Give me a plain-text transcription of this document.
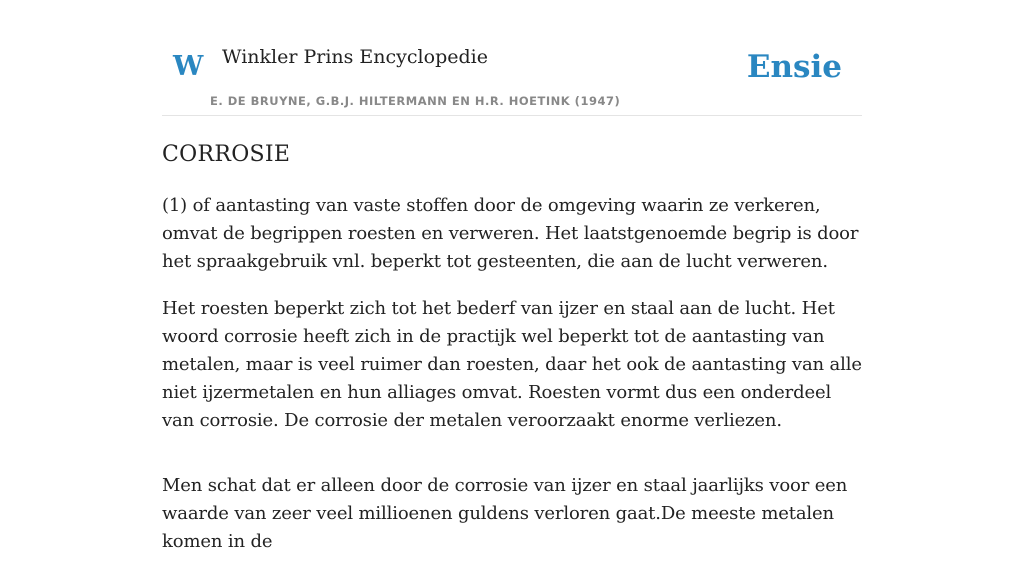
W Winkler Prins Encyclopedie
E. DE BRUYNE, G.B.J. HILTERMANN EN H.R. HOETINK (1947)
Ensie
CORROSIE

(1) of aantasting van vaste stoffen door de omgeving waarin ze verkeren, omvat de begrippen roesten en verweren. Het laatstgenoemde begrip is door het spraakgebruik vnl. beperkt tot gesteenten, die aan de lucht verweren.

Het roesten beperkt zich tot het bederf van ijzer en staal aan de lucht. Het woord corrosie heeft zich in de practijk wel beperkt tot de aantasting van metalen, maar is veel ruimer dan roesten, daar het ook de aantasting van alle niet ijzermetalen en hun alliages omvat. Roesten vormt dus een onderdeel van corrosie. De corrosie der metalen veroorzaakt enorme verliezen.

Men schat dat er alleen door de corrosie van ijzer en staal jaarlijks voor een waarde van zeer veel millioenen guldens verloren gaat.De meeste metalen komen in de
